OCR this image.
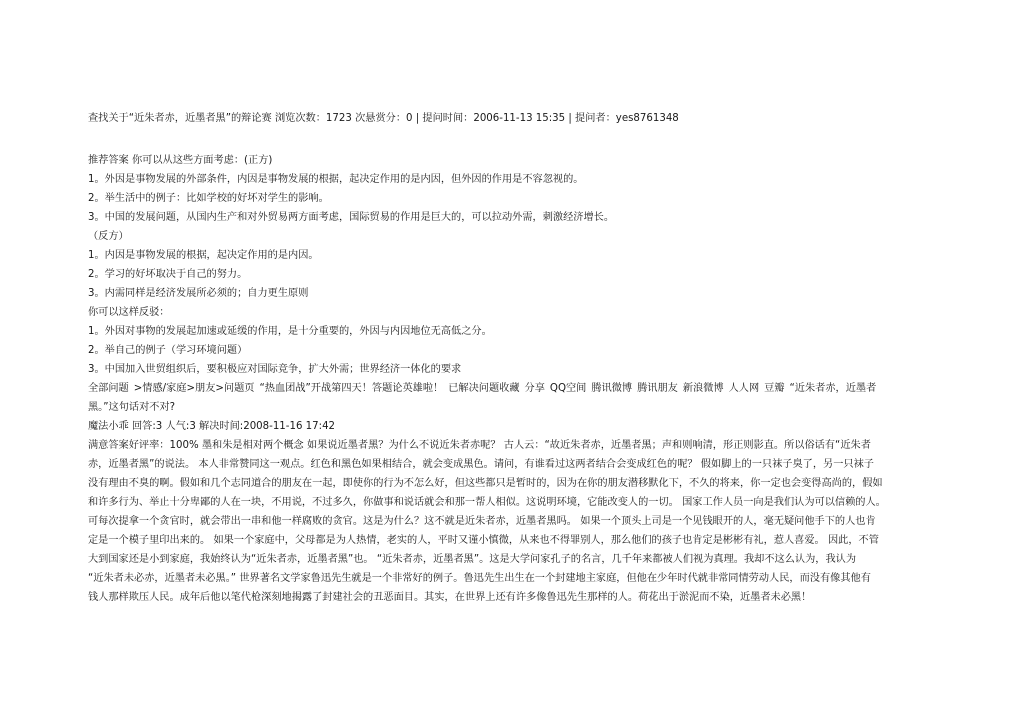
查找关于“近朱者赤，近墨者黑”的辩论赛 浏览次数：1723 次悬赏分：0 | 提问时间：2006-11-13 15:35 | 提问者：yes8761348
推荐答案 你可以从这些方面考虑：(正方)
1。外因是事物发展的外部条件，内因是事物发展的根据，起决定作用的是内因，但外因的作用是不容忽视的。
2。举生活中的例子：比如学校的好坏对学生的影响。
3。中国的发展问题，从国内生产和对外贸易两方面考虑，国际贸易的作用是巨大的，可以拉动外需，刺激经济增长。
（反方）
1。内因是事物发展的根据，起决定作用的是内因。
2。学习的好坏取决于自己的努力。
3。内需同样是经济发展所必须的；自力更生原则
你可以这样反驳：
1。外因对事物的发展起加速或延缓的作用，是十分重要的，外因与内因地位无高低之分。
2。举自己的例子（学习环境问题）
3。中国加入世贸组织后，要积极应对国际竞争，扩大外需；世界经济一体化的要求
全部问题 >情感/家庭>朋友>问题页 “热血团战”开战第四天！答题论英雄啦！ 已解决问题收藏 分享 QQ空间 腾讯微博 腾讯朋友 新浪微博 人人网 豆瓣 “近朱者赤，近墨者
黑。”这句话对不对?
魔法小乖 回答:3 人气:3 解决时间:2008-11-16 17:42
满意答案好评率：100% 墨和朱是相对两个概念 如果说近墨者黑？为什么不说近朱者赤呢？ 古人云：“故近朱者赤，近墨者黑；声和则响清，形正则影直。所以俗话有“近朱者
赤，近墨者黑”的说法。 本人非常赞同这一观点。红色和黑色如果相结合，就会变成黑色。请问，有谁看过这两者结合会变成红色的呢？ 假如脚上的一只袜子臭了，另一只袜子
没有理由不臭的啊。假如和几个志同道合的朋友在一起，即使你的行为不怎么好，但这些都只是暂时的，因为在你的朋友潜移默化下，不久的将来，你一定也会变得高尚的，假如
和许多行为、举止十分卑鄙的人在一块，不用说，不过多久，你做事和说话就会和那一帮人相似。这说明环境，它能改变人的一切。 国家工作人员一向是我们认为可以信赖的人。
可每次提拿一个贪官时，就会带出一串和他一样腐败的贪官。这是为什么？这不就是近朱者赤，近墨者黑吗。 如果一个顶头上司是一个见钱眼开的人，毫无疑问他手下的人也肯
定是一个模子里印出来的。 如果一个家庭中，父母都是为人热情，老实的人，平时又谨小慎微，从来也不得罪别人，那么他们的孩子也肯定是彬彬有礼，惹人喜爱。 因此，不管
大到国家还是小到家庭，我始终认为“近朱者赤，近墨者黑”也。 “近朱者赤，近墨者黑”。这是大学问家孔子的名言，几千年来都被人们视为真理。我却不这么认为，我认为
“近朱者未必赤，近墨者未必黑。” 世界著名文学家鲁迅先生就是一个非常好的例子。鲁迅先生出生在一个封建地主家庭，但他在少年时代就非常同情劳动人民，而没有像其他有
钱人那样欺压人民。成年后他以笔代枪深刻地揭露了封建社会的丑恶面目。其实，在世界上还有许多像鲁迅先生那样的人。荷花出于淤泥而不染，近墨者未必黑！
